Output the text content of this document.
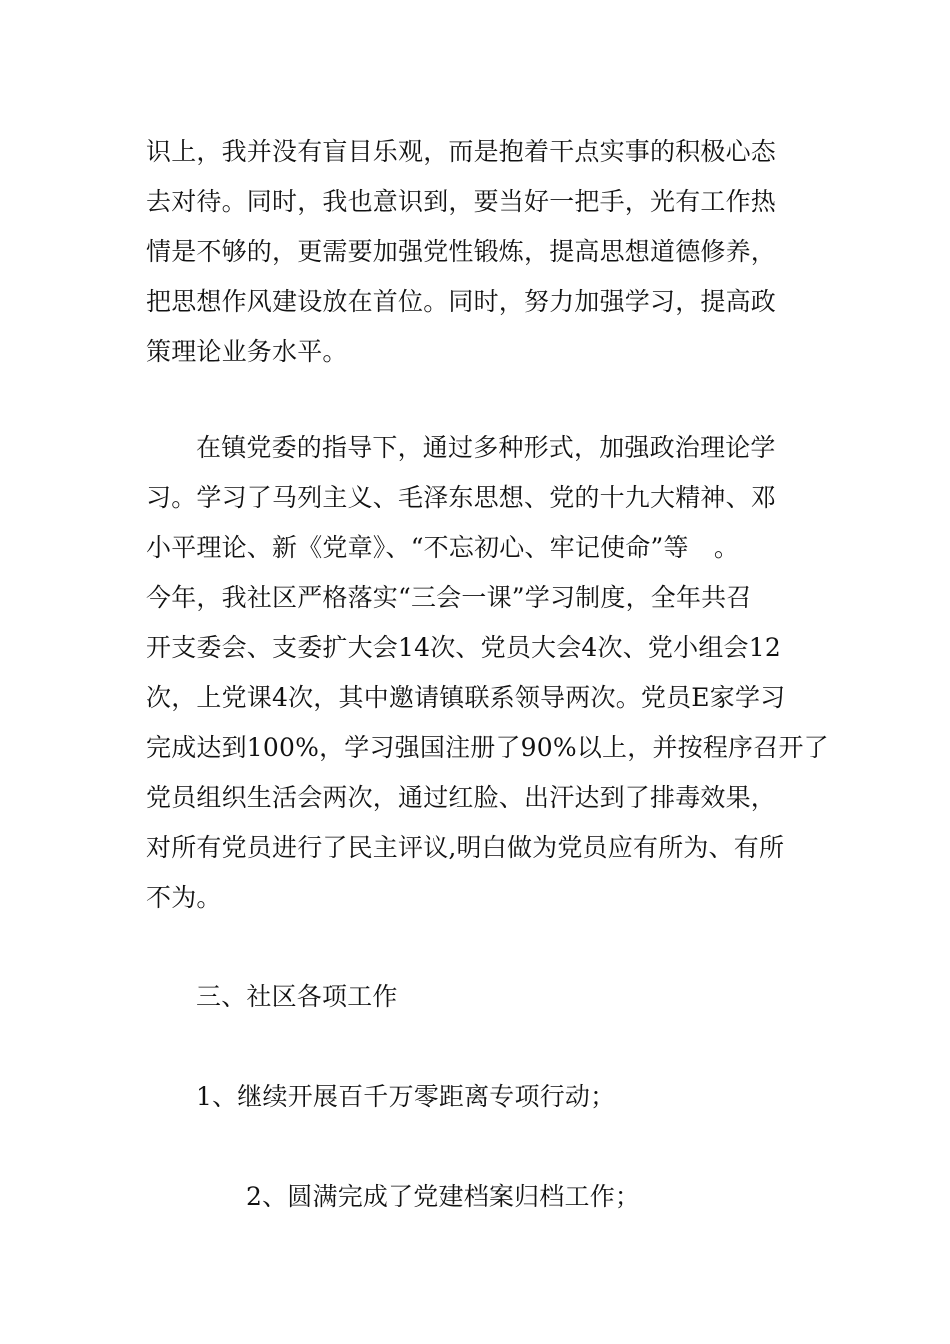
识上，我并没有盲目乐观，而是抱着干点实事的积极心态
去对待。同时，我也意识到，要当好一把手，光有工作热
情是不够的，更需要加强党性锻炼，提高思想道德修养，
把思想作风建设放在首位。同时，努力加强学习，提高政
策理论业务水平。
在镇党委的指导下，通过多种形式，加强政治理论学
习。学习了马列主义、毛泽东思想、党的十九大精神、邓
小平理论、新《党章》、“不忘初心、牢记使命”等　。
今年，我社区严格落实“三会一课”学习制度，全年共召
开支委会、支委扩大会14次、党员大会4次、党小组会12
次，上党课4次，其中邀请镇联系领导两次。党员E家学习
完成达到100%，学习强国注册了90%以上，并按程序召开了
党员组织生活会两次，通过红脸、出汗达到了排毒效果，
对所有党员进行了民主评议,明白做为党员应有所为、有所
不为。
三、社区各项工作
1、继续开展百千万零距离专项行动；
2、圆满完成了党建档案归档工作；
